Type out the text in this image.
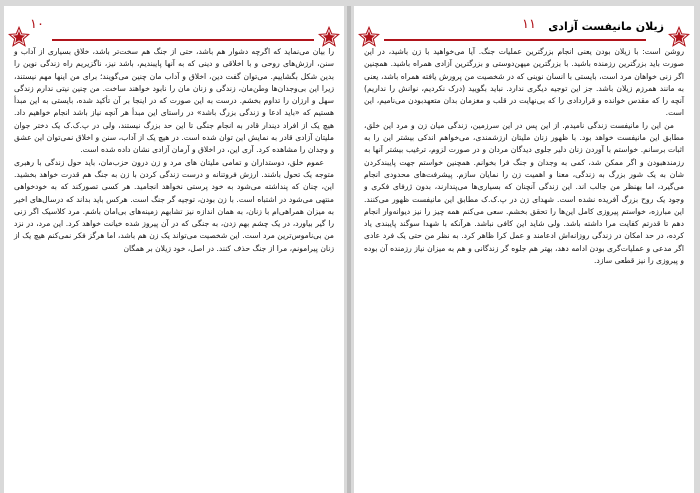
۱۰

را بیان می‌نماید که اگرچه دشوار هم باشد، حتی از جنگ هم سخت‌تر باشد، خلاق بسیاری از آداب و سنن، ارزش‌های روحی و با اخلاقی و دینی که به آنها پایبندیم، باشد نیز، ناگزیریم راه زندگی نوین را بدین شکل بگشاییم. می‌توان گفت دین، اخلاق و آداب مان چنین می‌گویند؛ برای من اینها مهم نیستند، زیرا این بی‌وجدان‌ها وطن‌مان، زندگی و زنان مان را نابود خواهند ساخت. من چنین نیتی ندارم زندگی سهل و ارزان را تداوم بخشم. درست به این صورت که در اینجا بر آن تأکید شده، بایستی به این مبدأ هستیم که «باید ادعا و زندگی بزرگ باشد» در راستای این مبدأ هر آنچه نیاز باشد انجام خواهیم داد. هیچ یک از افراد دیندار قادر به انجام جنگی تا این حد بزرگ نیستند، ولی در پ.ک.ک یک دختر جوان ملیتان آزادی قادر به نمایش این توان شده است. در هیچ یک از آداب، سنن و اخلاق نمی‌توان این عشق و وجدان را مشاهده کرد. آری این، در اخلاق و آرمان آزادی نشان داده شده است.

عموم خلق، دوستداران و تمامی ملیتان های مرد و زن درون حزب‌مان، باید حول زندگی با رهبری متوجه یک تحول باشند. ارزش فروتنانه و درست زندگی کردن با زن به جنگ هم قدرت خواهد بخشید. این، چنان که پنداشته می‌شود به خود پرستی نخواهد انجامید. هر کسی تصورکند که به خودخواهی منتهی می‌شود در اشتباه است. با زن بودن، توجیه گر جنگ است. هرکس باید بداند که درسال‌های اخیر به میزان همراهی‌ام با زنان، به همان اندازه نیز تشابهم زمینه‌های بی‌امان باشم. مرد کلاسیک اگر زنی را گیر بیاورد، در یک چشم بهم زدن، به جنگی که در آن پیروز شده خیانت خواهد کرد. این مرد، در نزد من بی‌ناموس‌ترین مرد است. این شخصیت می‌تواند یک زن هم باشد، اما هرگز فکر نمی‌کنم هیچ یک از زنان پیرامونم، مرا از جنگ حذف کنند. در اصل، خود زیلان بر همگان

زیلان مانیفست آزادی
۱۱

روشن است: با زیلان بودن یعنی انجام بزرگترین عملیات جنگ. آیا می‌خواهید با زن باشید، در این صورت باید بزرگترین رزمنده باشید. با بزرگترین میهن‌دوستی و بزرگترین آزادی همراه باشید. همچنین اگر زنی خواهان مرد است، بایستی با انسان نوینی که در شخصیت من پرورش یافته همراه باشد، یعنی به مانند همرزم زیلان باشد. جز این توجیه دیگری ندارد. نباید بگویید (درک نکردیم، نوانش را نداریم) آنچه را که مقدس خوانده و قراردادی را که بی‌نهایت در قلب و مغزمان بدان متعهدبودن می‌نامیم، این است.

من این را مانیفست زندگی نامیدم. از این پس در این سرزمین، زندگی میان زن و مرد این خلق، مطابق این مانیفست خواهد بود. با ظهور زنان ملیتان ارزشمندی، می‌خواهم اندکی بیشتر این را به اثبات برسانم. خواستم با آوردن زنان دلیر جلوی دیدگان مردان و در صورت لزوم، ترغیب بیشتر آنها به رزمندهبودن و اگر ممکن شد، کمی به وجدان و جنگ فرا بخوانم. همچنین خواستم جهت پایبندکردن شان به یک شور بزرگ به زندگی، معنا و اهمیت زن را نمایان سازم. پیشرفت‌های محدودی انجام می‌گیرد، اما بهنظر من جالب اند. این زندگی آنچنان که بسیاری‌ها می‌پندارند، بدون ژرفای فکری و وجود یک روح بزرگ آفریده نشده است. شهدای زن در پ.ک.ک مطابق این مانیفست ظهور می‌کنند. این مبارزه، خواستم پیروزی کامل این‌ها را تحقق بخشم. سعی می‌کنم همه چیز را نیز دیوانه‌وار انجام دهم تا قدرتم کفایت مرا داشته باشد. ولی شاید این کافی نباشد. هرآنکه با شهدا سوگند پایبندی یاد کرده، در حد امکان در زندگی روزانه‌اش ادعامند و عمل کرا ظاهر کرد. به نظر من حتی یک فرد عادی اگر مدعی و عملیات‌گری بودن ادامه دهد، بهتر هم جلوه گر زندگانی و هم به میزان نیاز رزمنده آن بوده و پیروزی را نیز قطعی سازد.
